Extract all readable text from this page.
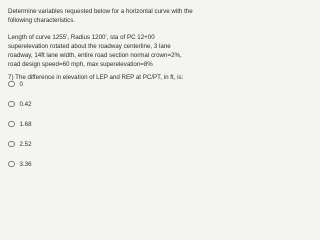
Determine variables requested below for a horizontal curve with the following characteristics.

Length of curve 1255', Radius 1200', sta of PC 12+00 superelevation rotated about the roadway centerline, 3 lane roadway, 14ft lane width, entire road section normal crown=2%, road design speed=60 mph, max superelevation=8%

7) The difference in elevation of LEP and REP at PC/PT, in ft, is:

0
0.42
1.68
2.52
3.36
